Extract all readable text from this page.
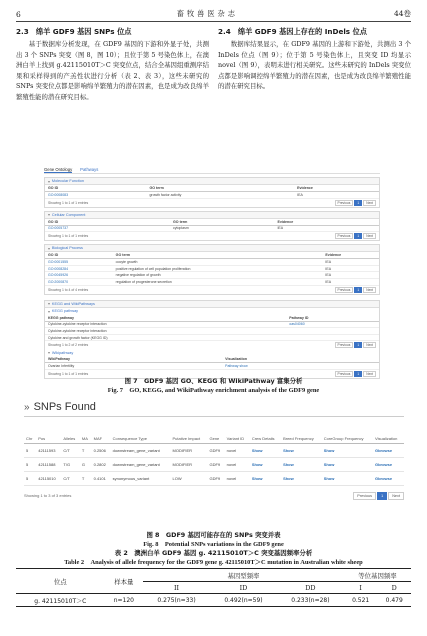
6	畜牧兽医杂志	44卷
2.3　绵羊 GDF9 基因 SNPs 位点

基于数据库分析发现，在 GDF9 基因的下游和外显子处，共测出 3 个 SNPs 突变（图 8，图 10）；且位于第 5 号染色体上，在澳洲白羊上找到 g.42115010T＞C 突变位点，结合全基因组重测序结果和采样得到的产羔性状进行分析（表 2、表 3），这些未研究的 SNPs 突变位点都是影响绵羊繁殖力的潜在因素，也是成为改良绵羊繁殖性能的潜在研究目标。

2.4　绵羊 GDF9 基因上存在的 InDels 位点

数据库结果显示，在 GDF9 基因的上游和下游处，共测出 3 个 InDels 位点（图 9）；位于第 5 号染色体上，且突变 ID 均显示 novel（图 9），表明未进行相关研究。这些未研究的 InDels 突变位点都是影响调控绵羊繁殖力的潜在因素，也是成为改良绵羊繁殖性能的潜在研究目标。

Gene Ontology Pathways
▾ Molecular Function
GO ID	GO term	Evidence
GO:0008083	growth factor activity	IEA
Showing 1 to 1 of 1 entries	Previous	1	Next
▾ Cellular Component
GO ID	GO term	Evidence
GO:0005737	cytoplasm	IEA
Showing 1 to 1 of 1 entries	Previous	1	Next
▾ Biological Process
GO ID	GO term	Evidence
GO:0001555	oocyte growth	IEA
GO:0008284	positive regulation of cell population proliferation	IEA
GO:0045926	negative regulation of growth	IEA
GO:2000870	regulation of progesterone secretion	IEA
Showing 1 to 4 of 4 entries	Previous	1	Next
▾ KEGG and WikiPathways
▾ KEGG pathway
KEGG pathway	Pathway ID
Cytokine-cytokine receptor interaction	oas04060
Cytokine-cytokine receptor interaction	
Cytokine and growth factor (KEGG ID)	
Showing 1 to 2 of 2 entries	Previous	1	Next
▾ Wikipathway
WikiPathway	Visualization
Ovarian Infertility	Pathway show
Showing 1 to 1 of 1 entries	Previous	1	Next
图 7　GDF9 基因 GO、KEGG 和 WikiPathway 富集分析
Fig. 7　GO, KEGG, and WikiPathway enrichment analysis of the GDF9 gene
» SNPs Found
Chr	Pos	Alleles	MA	MAF	Consequence Type	Putative Impact	Gene	Variant ID	Crew Details	Breed Frequency	CoreGroup Frequency	Visualization
5	42111593	C/T	T	0.2506	downstream_gene_variant	MODIFIER	GDF9	novel	Show	Show	Show	Gbrowse
5	42111588	T/G	G	0.2802	downstream_gene_variant	MODIFIER	GDF9	novel	Show	Show	Show	Gbrowse
5	42115010	C/T	T	0.4101	synonymous_variant	LOW	GDF9	novel	Show	Show	Show	Gbrowse
Showing 1 to 3 of 3 entries	Previous	1	Next
图 8　GDF9 基因可能存在的 SNPs 突变并表
Fig. 8　Potential SNPs variations in the GDF9 gene
表 2　澳洲白羊 GDF9 基因 g. 42115010T＞C 突变基因频率分析
Table 2　Analysis of allele frequency for the GDF9 gene g. 42115010T＞C mutation in Australian white sheep
位点	样本量	基因型频率			等位基因频率	
		II	ID	DD	I	D
g. 42115010T＞C	n=120	0.275(n=33)	0.492(n=59)	0.233(n=28)	0.521	0.479
